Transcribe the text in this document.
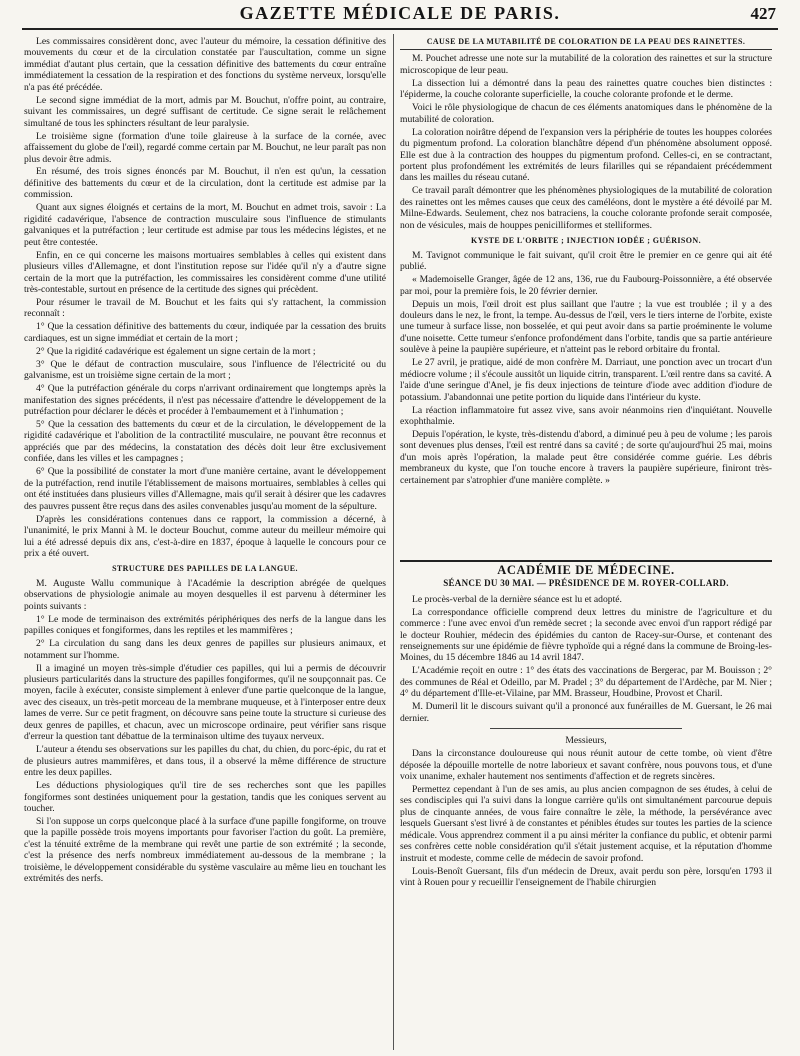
GAZETTE MÉDICALE DE PARIS.	427

Les commissaires considèrent donc, avec l'auteur du mémoire, la cessation définitive des mouvements du cœur et de la circulation constatée par l'auscultation, comme un signe immédiat d'autant plus certain, que la cessation définitive des battements du cœur entraîne immédiatement la cessation de la respiration et des fonctions du système nerveux, lorsqu'elle n'a pas été précédée.

Le second signe immédiat de la mort, admis par M. Bouchut, n'offre point, au contraire, suivant les commissaires, un degré suffisant de certitude. Ce signe serait le relâchement simultané de tous les sphincters résultant de leur paralysie.

Le troisième signe (formation d'une toile glaireuse à la surface de la cornée, avec affaissement du globe de l'œil), regardé comme certain par M. Bouchut, ne leur paraît pas non plus devoir être admis.

En résumé, des trois signes énoncés par M. Bouchut, il n'en est qu'un, la cessation définitive des battements du cœur et de la circulation, dont la certitude est admise par la commission.

Quant aux signes éloignés et certains de la mort, M. Bouchut en admet trois, savoir : La rigidité cadavérique, l'absence de contraction musculaire sous l'influence de stimulants galvaniques et la putréfaction ; leur certitude est admise par tous les médecins légistes, et ne peut être contestée.

Enfin, en ce qui concerne les maisons mortuaires semblables à celles qui existent dans plusieurs villes d'Allemagne, et dont l'institution repose sur l'idée qu'il n'y a d'autre signe certain de la mort que la putréfaction, les commissaires les considèrent comme d'une utilité très-contestable, surtout en présence de la certitude des signes qui précèdent.

Pour résumer le travail de M. Bouchut et les faits qui s'y rattachent, la commission reconnaît :

1° Que la cessation définitive des battements du cœur, indiquée par la cessation des bruits cardiaques, est un signe immédiat et certain de la mort ;

2° Que la rigidité cadavérique est également un signe certain de la mort ;

3° Que le défaut de contraction musculaire, sous l'influence de l'électricité ou du galvanisme, est un troisième signe certain de la mort ;

4° Que la putréfaction générale du corps n'arrivant ordinairement que longtemps après la manifestation des signes précédents, il n'est pas nécessaire d'attendre le développement de la putréfaction pour déclarer le décès et procéder à l'embaumement et à l'inhumation ;

5° Que la cessation des battements du cœur et de la circulation, le développement de la rigidité cadavérique et l'abolition de la contractilité musculaire, ne pouvant être reconnus et appréciés que par des médecins, la constatation des décès doit leur être exclusivement confiée, dans les villes et les campagnes ;

6° Que la possibilité de constater la mort d'une manière certaine, avant le développement de la putréfaction, rend inutile l'établissement de maisons mortuaires, semblables à celles qui ont été instituées dans plusieurs villes d'Allemagne, mais qu'il serait à désirer que les cadavres des pauvres pussent être reçus dans des asiles convenables jusqu'au moment de la sépulture.

D'après les considérations contenues dans ce rapport, la commission a décerné, à l'unanimité, le prix Manni à M. le docteur Bouchut, comme auteur du meilleur mémoire qui lui a été adressé depuis dix ans, c'est-à-dire en 1837, époque à laquelle le concours pour ce prix a été ouvert.

STRUCTURE DES PAPILLES DE LA LANGUE.

M. Auguste Wallu communique à l'Académie la description abrégée de quelques observations de physiologie animale au moyen desquelles il est parvenu à déterminer les points suivants :

1° Le mode de terminaison des extrémités périphériques des nerfs de la langue dans les papilles coniques et fongiformes, dans les reptiles et les mammifères ;

2° La circulation du sang dans les deux genres de papilles sur plusieurs animaux, et notamment sur l'homme.

Il a imaginé un moyen très-simple d'étudier ces papilles, qui lui a permis de découvrir plusieurs particularités dans la structure des papilles fongiformes, qu'il ne soupçonnait pas. Ce moyen, facile à exécuter, consiste simplement à enlever d'une partie quelconque de la langue, avec des ciseaux, un très-petit morceau de la membrane muqueuse, et à l'interposer entre deux lames de verre. Sur ce petit fragment, on découvre sans peine toute la structure si curieuse des deux genres de papilles, et chacun, avec un microscope ordinaire, peut vérifier sans risque d'erreur la question tant débattue de la terminaison ultime des tuyaux nerveux.

L'auteur a étendu ses observations sur les papilles du chat, du chien, du porc-épic, du rat et de plusieurs autres mammifères, et dans tous, il a observé la même différence de structure entre les deux papilles.

Les déductions physiologiques qu'il tire de ses recherches sont que les papilles fongiformes sont destinées uniquement pour la gestation, tandis que les coniques servent au toucher.

Si l'on suppose un corps quelconque placé à la surface d'une papille fongiforme, on trouve que la papille possède trois moyens importants pour favoriser l'action du goût. La première, c'est la ténuité extrême de la membrane qui revêt une partie de son extrémité ; la seconde, c'est la présence des nerfs nombreux immédiatement au-dessous de la membrane ; la troisième, le développement considérable du système vasculaire au même lieu en touchant les extrémités des nerfs.

CAUSE DE LA MUTABILITÉ DE COLORATION DE LA PEAU DES RAINETTES.

M. Pouchet adresse une note sur la mutabilité de la coloration des rainettes et sur la structure microscopique de leur peau.

La dissection lui a démontré dans la peau des rainettes quatre couches bien distinctes : l'épiderme, la couche colorante superficielle, la couche colorante profonde et le derme.

Voici le rôle physiologique de chacun de ces éléments anatomiques dans le phénomène de la mutabilité de coloration.

La coloration noirâtre dépend de l'expansion vers la périphérie de toutes les houppes colorées du pigmentum profond. La coloration blanchâtre dépend d'un phénomène absolument opposé. Elle est due à la contraction des houppes du pigmentum profond. Celles-ci, en se contractant, portent plus profondément les extrémités de leurs filarilles qui se répandaient précédemment dans les mailles du réseau cutané.

Ce travail paraît démontrer que les phénomènes physiologiques de la mutabilité de coloration des rainettes ont les mêmes causes que ceux des caméléons, dont le mystère a été dévoilé par M. Milne-Edwards. Seulement, chez nos batraciens, la couche colorante profonde serait composée, non de vésicules, mais de houppes penicilliformes et stelliformes.

KYSTE DE L'ORBITE ; INJECTION IODÉE ; GUÉRISON.

M. Tavignot communique le fait suivant, qu'il croit être le premier en ce genre qui ait été publié.

« Mademoiselle Granger, âgée de 12 ans, 136, rue du Faubourg-Poissonnière, a été observée par moi, pour la première fois, le 20 février dernier.

Depuis un mois, l'œil droit est plus saillant que l'autre ; la vue est troublée ; il y a des douleurs dans le nez, le front, la tempe. Au-dessus de l'œil, vers le tiers interne de l'orbite, existe une tumeur à surface lisse, non bosselée, et qui peut avoir dans sa partie proéminente le volume d'une noisette. Cette tumeur s'enfonce profondément dans l'orbite, tandis que sa partie antérieure soulève à peine la paupière supérieure, et n'atteint pas le rebord orbitaire du frontal.

Le 27 avril, je pratique, aidé de mon confrère M. Darriaut, une ponction avec un trocart d'un médiocre volume ; il s'écoule aussitôt un liquide citrin, transparent. L'œil rentre dans sa cavité. A l'aide d'une seringue d'Anel, je fis deux injections de teinture d'iode avec addition d'iodure de potassium. J'abandonnai une petite portion du liquide dans l'intérieur du kyste.

La réaction inflammatoire fut assez vive, sans avoir néanmoins rien d'inquiétant. Nouvelle exophthalmie.

Depuis l'opération, le kyste, très-distendu d'abord, a diminué peu à peu de volume ; les parois sont devenues plus denses, l'œil est rentré dans sa cavité ; de sorte qu'aujourd'hui 25 mai, moins d'un mois après l'opération, la malade peut être considérée comme guérie. Les débris membraneux du kyste, que l'on touche encore à travers la paupière supérieure, finiront très-certainement par s'atrophier d'une manière complète. »

ACADÉMIE DE MÉDECINE.
SÉANCE DU 30 MAI. — PRÉSIDENCE DE M. ROYER-COLLARD.

Le procès-verbal de la dernière séance est lu et adopté.

La correspondance officielle comprend deux lettres du ministre de l'agriculture et du commerce : l'une avec envoi d'un remède secret ; la seconde avec envoi d'un rapport rédigé par le docteur Rouhier, médecin des épidémies du canton de Racey-sur-Ourse, et contenant des renseignements sur une épidémie de fièvre typhoïde qui a régné dans la commune de Broing-les-Moines, du 15 décembre 1846 au 14 avril 1847.

L'Académie reçoit en outre : 1° des états des vaccinations de Bergerac, par M. Bouisson ; 2° des communes de Réal et Odeillo, par M. Pradel ; 3° du département de l'Ardèche, par M. Nier ; 4° du département d'Ille-et-Vilaine, par MM. Brasseur, Houdbine, Provost et Charil.

M. Dumeril lit le discours suivant qu'il a prononcé aux funérailles de M. Guersant, le 26 mai dernier.

Messieurs,

Dans la circonstance douloureuse qui nous réunit autour de cette tombe, où vient d'être déposée la dépouille mortelle de notre laborieux et savant confrère, nous pouvons tous, et d'une voix unanime, exhaler hautement nos sentiments d'affection et de regrets sincères.

Permettez cependant à l'un de ses amis, au plus ancien compagnon de ses études, à celui de ses condisciples qui l'a suivi dans la longue carrière qu'ils ont simultanément parcourue depuis plus de cinquante années, de vous faire connaître le zèle, la méthode, la persévérance avec lesquels Guersant s'est livré à de constantes et pénibles études sur toutes les parties de la science médicale. Vous apprendrez comment il a pu ainsi mériter la confiance du public, et obtenir parmi ses confrères cette noble considération qu'il s'était justement acquise, et la réputation d'homme instruit et modeste, comme celle de médecin de savoir profond.

Louis-Benoît Guersant, fils d'un médecin de Dreux, avait perdu son père, lorsqu'en 1793 il vint à Rouen pour y recueillir l'enseignement de l'habile chirurgien
